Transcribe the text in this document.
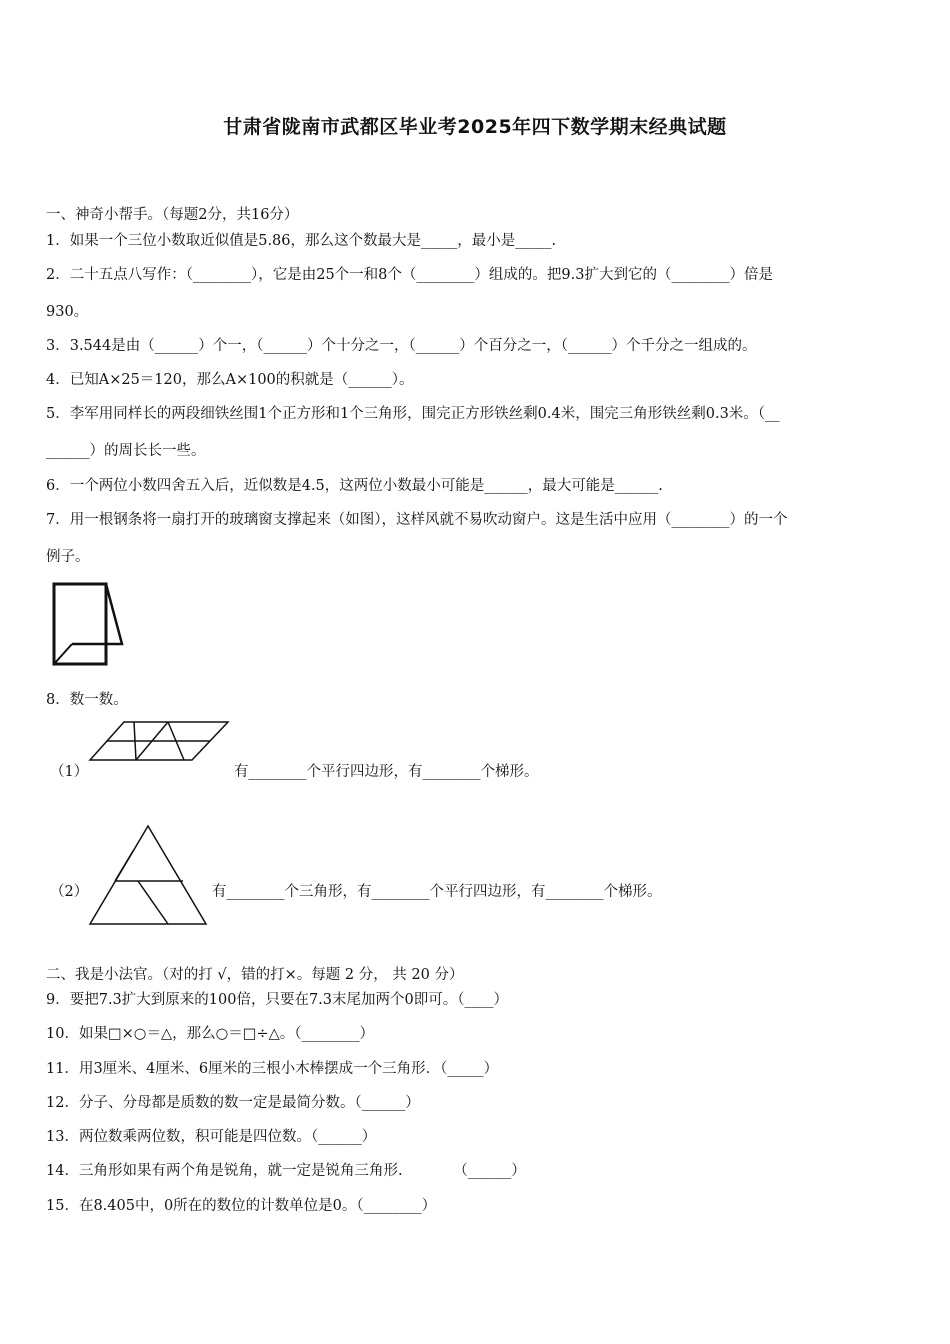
甘肃省陇南市武都区毕业考2025年四下数学期末经典试题
一、神奇小帮手。（每题2分，共16分）
1．如果一个三位小数取近似值是5.86，那么这个数最大是_____，最小是_____.
2．二十五点八写作：（________），它是由25个一和8个（________）组成的。把9.3扩大到它的（________）倍是
930。
3．3.544是由（______）个一，（______）个十分之一，（______）个百分之一，（______）个千分之一组成的。
4．已知A×25＝120，那么A×100的积就是（______）。
5．李军用同样长的两段细铁丝围1个正方形和1个三角形，围完正方形铁丝剩0.4米，围完三角形铁丝剩0.3米。（__
______）的周长长一些。
6．一个两位小数四舍五入后，近似数是4.5，这两位小数最小可能是______，最大可能是______.
7．用一根钢条将一扇打开的玻璃窗支撑起来（如图），这样风就不易吹动窗户。这是生活中应用（________）的一个
例子。
8．数一数。
（1）	有________个平行四边形，有________个梯形。
（2）	有________个三角形，有________个平行四边形，有________个梯形。
二、我是小法官。（对的打 √，错的打×。每题 2 分， 共 20 分）
9．要把7.3扩大到原来的100倍，只要在7.3末尾加两个0即可。（____）
10．如果□×○＝△，那么○＝□÷△。（________）
11．用3厘米、4厘米、6厘米的三根小木棒摆成一个三角形．（_____）
12．分子、分母都是质数的数一定是最简分数。（______）
13．两位数乘两位数，积可能是四位数。（______）
14．三角形如果有两个角是锐角，就一定是锐角三角形.　　　　（______）
15．在8.405中，0所在的数位的计数单位是0。（________）
